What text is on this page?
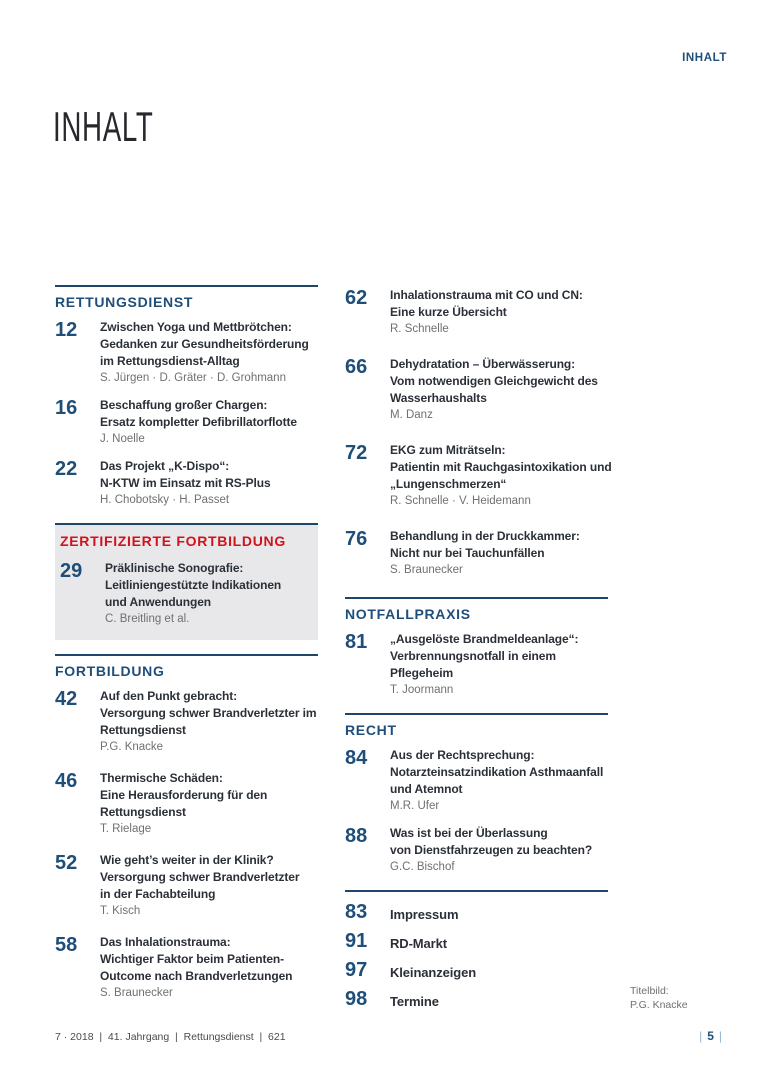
INHALT
INHALT
RETTUNGSDIENST
12	Zwischen Yoga und Mettbrötchen:
Gedanken zur Gesundheitsförderung
im Rettungsdienst-Alltag
S. Jürgen · D. Gräter · D. Grohmann
16	Beschaffung großer Chargen:
Ersatz kompletter Defibrillatorflotte
J. Noelle
22	Das Projekt „K-Dispo“:
N-KTW im Einsatz mit RS-Plus
H. Chobotsky · H. Passet
ZERTIFIZIERTE FORTBILDUNG
29	Präklinische Sonografie:
Leitliniengestützte Indikationen
und Anwendungen
C. Breitling et al.
FORTBILDUNG
42	Auf den Punkt gebracht:
Versorgung schwer Brandverletzter im
Rettungsdienst
P.G. Knacke
46	Thermische Schäden:
Eine Herausforderung für den
Rettungsdienst
T. Rielage
52	Wie geht’s weiter in der Klinik?
Versorgung schwer Brandverletzter
in der Fachabteilung
T. Kisch
58	Das Inhalationstrauma:
Wichtiger Faktor beim Patienten-
Outcome nach Brandverletzungen
S. Braunecker
62	Inhalationstrauma mit CO und CN:
Eine kurze Übersicht
R. Schnelle
66	Dehydratation – Überwässerung:
Vom notwendigen Gleichgewicht des
Wasserhaushalts
M. Danz
72	EKG zum Miträtseln:
Patientin mit Rauchgasintoxikation und
„Lungenschmerzen“
R. Schnelle · V. Heidemann
76	Behandlung in der Druckkammer:
Nicht nur bei Tauchunfällen
S. Braunecker
NOTFALLPRAXIS
81	„Ausgelöste Brandmeldeanlage“:
Verbrennungsnotfall in einem
Pflegeheim
T. Joormann
RECHT
84	Aus der Rechtsprechung:
Notarzteinsatzindikation Asthmaanfall
und Atemnot
M.R. Ufer
88	Was ist bei der Überlassung
von Dienstfahrzeugen zu beachten?
G.C. Bischof
83	Impressum
91	RD-Markt
97	Kleinanzeigen
98	Termine
Titelbild:
P.G. Knacke
7 · 2018  |  41. Jahrgang  |  Rettungsdienst  |  621	| 5 |
